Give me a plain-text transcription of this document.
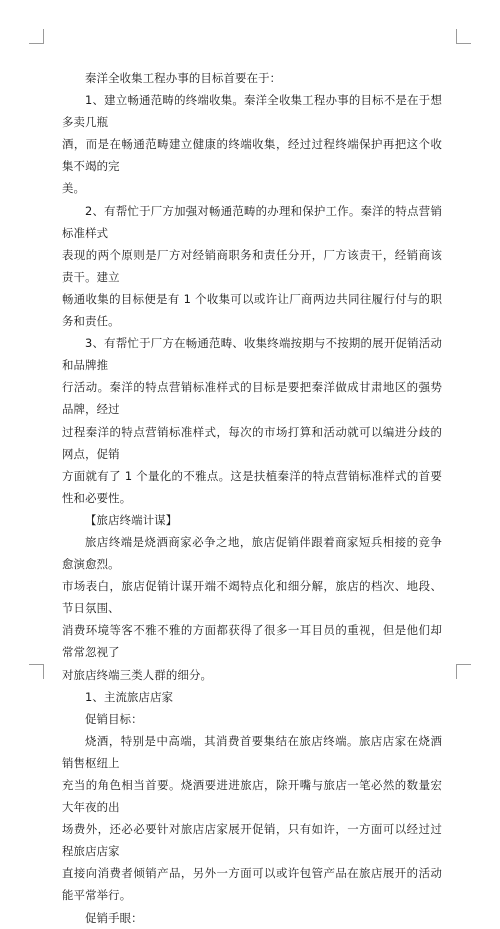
秦洋全收集工程办事的目标首要在于：

1、建立畅通范畴的终端收集。秦洋全收集工程办事的目标不是在于想多卖几瓶
酒，而是在畅通范畴建立健康的终端收集，经过过程终端保护再把这个收集不竭的完
美。

2、有帮忙于厂方加强对畅通范畴的办理和保护工作。秦洋的特点营销标准样式
表现的两个原则是厂方对经销商职务和责任分开，厂方该责干，经销商该责干。建立
畅通收集的目标便是有 1 个收集可以或许让厂商两边共同往履行付与的职务和责任。

3、有帮忙于厂方在畅通范畴、收集终端按期与不按期的展开促销活动和品牌推
行活动。秦洋的特点营销标准样式的目标是要把秦洋做成甘肃地区的强势品牌，经过
过程秦洋的特点营销标准样式，每次的市场打算和活动就可以编进分歧的网点，促销
方面就有了 1 个量化的不雅点。这是扶植秦洋的特点营销标准样式的首要性和必要性。

【旅店终端计谋】

旅店终端是烧酒商家必争之地，旅店促销伴跟着商家短兵相接的竞争愈演愈烈。
市场表白，旅店促销计谋开端不竭特点化和细分解，旅店的档次、地段、节日氛围、
消费环境等客不雅不雅的方面都获得了很多一耳目员的重视，但是他们却常常忽视了
对旅店终端三类人群的细分。

1、主流旅店店家

促销目标：

烧酒，特别是中高端，其消费首要集结在旅店终端。旅店店家在烧酒销售枢纽上
充当的角色相当首要。烧酒要进进旅店，除开嘴与旅店一笔必然的数量宏大年夜的出
场费外，还必必要针对旅店店家展开促销，只有如许，一方面可以经过过程旅店店家
直接向消费者倾销产品，另外一方面可以或许包管产品在旅店展开的活动能平常举行。

促销手眼：
